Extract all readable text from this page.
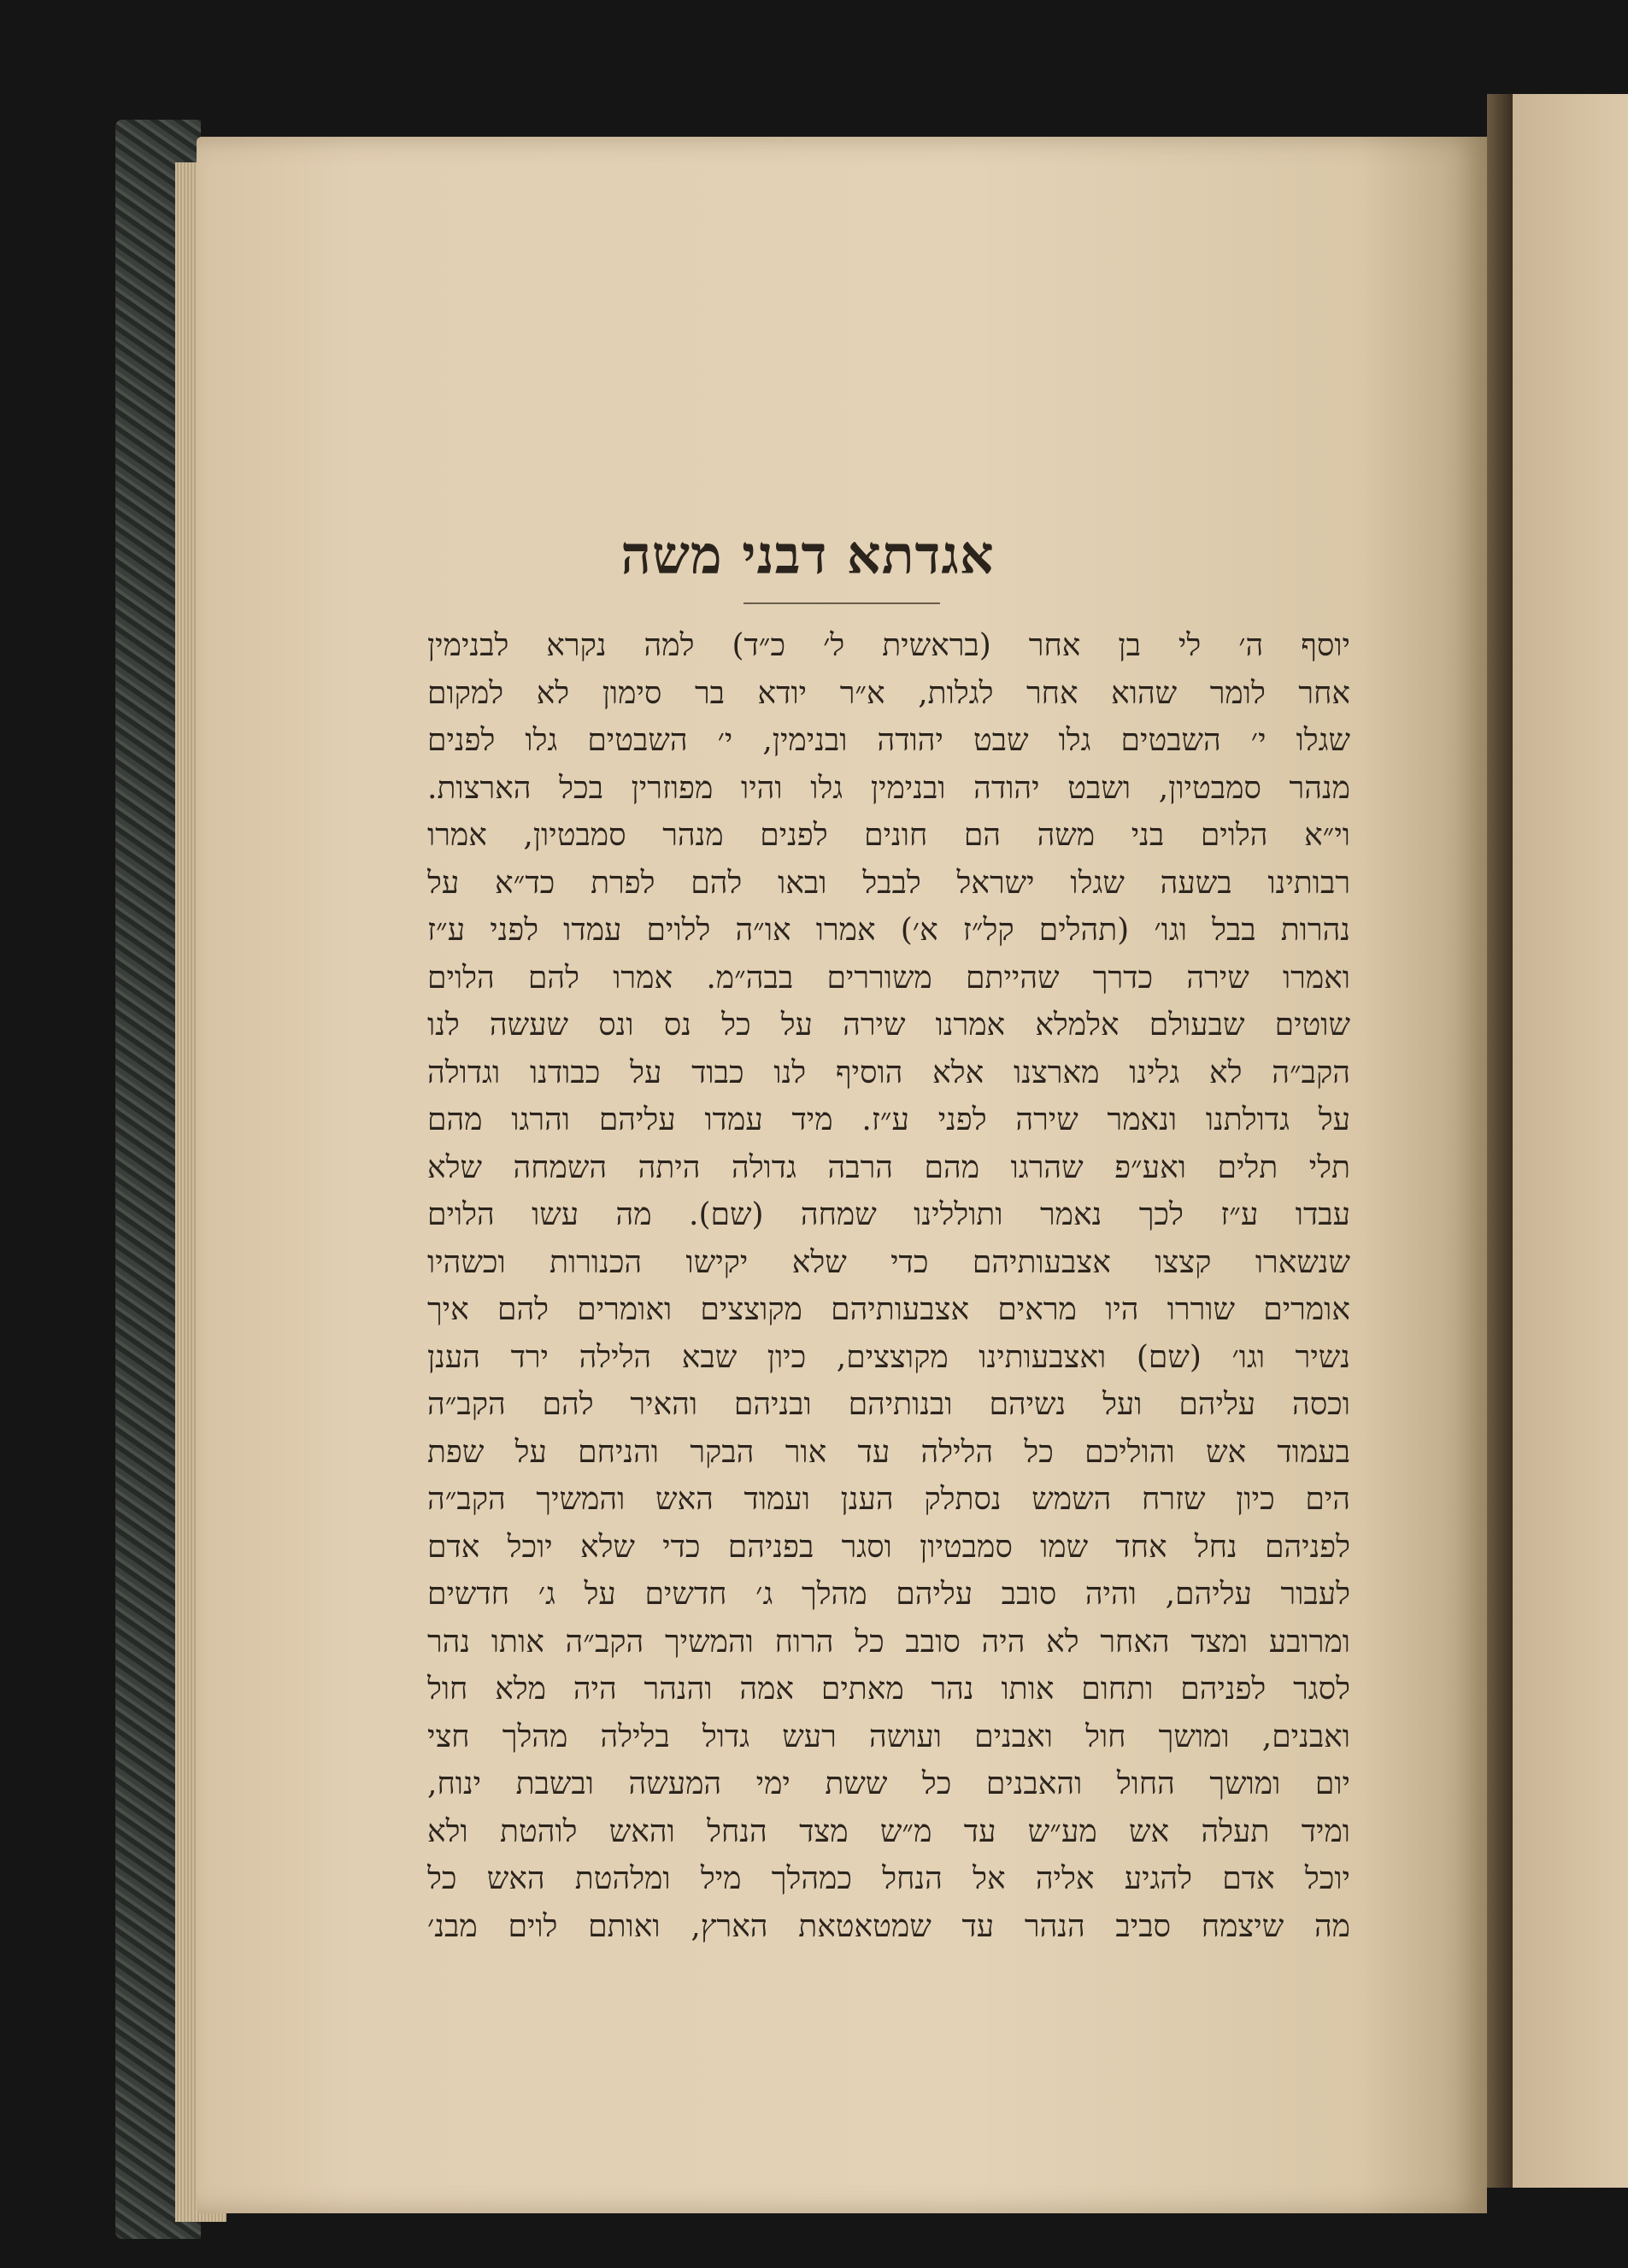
אגדתא דבני משה
יוסף ה׳ לי בן אחר (בראשית ל׳ כ״ד) למה נקרא לבנימין
אחר לומר שהוא אחר לגלות, א״ר יודא בר סימון לא למקום
שגלו י׳ השבטים גלו שבט יהודה ובנימין, י׳ השבטים גלו לפנים
מנהר סמבטיון, ושבט יהודה ובנימין גלו והיו מפוזרין בכל הארצות.
וי״א הלוים בני משה הם חונים לפנים מנהר סמבטיון, אמרו
רבותינו בשעה שגלו ישראל לבבל ובאו להם לפרת כד״א על
נהרות בבל וגו׳ (תהלים קל״ז א׳) אמרו או״ה ללוים עמדו לפני ע״ז
ואמרו שירה כדרך שהייתם משוררים בבה״מ. אמרו להם הלוים
שוטים שבעולם אלמלא אמרנו שירה על כל נס ונס שעשה לנו
הקב״ה לא גלינו מארצנו אלא הוסיף לנו כבוד על כבודנו וגדולה
על גדולתנו ונאמר שירה לפני ע״ז. מיד עמדו עליהם והרגו מהם
תלי תלים ואע״פ שהרגו מהם הרבה גדולה היתה השמחה שלא
עבדו ע״ז לכך נאמר ותוללינו שמחה (שם). מה עשו הלוים
שנשארו קצצו אצבעותיהם כדי שלא יקישו הכנורות וכשהיו
אומרים שוררו היו מראים אצבעותיהם מקוצצים ואומרים להם איך
נשיר וגו׳ (שם) ואצבעותינו מקוצצים, כיון שבא הלילה ירד הענן
וכסה עליהם ועל נשיהם ובנותיהם ובניהם והאיר להם הקב״ה
בעמוד אש והוליכם כל הלילה עד אור הבקר והניחם על שפת
הים כיון שזרח השמש נסתלק הענן ועמוד האש והמשיך הקב״ה
לפניהם נחל אחד שמו סמבטיון וסגר בפניהם כדי שלא יוכל אדם
לעבור עליהם, והיה סובב עליהם מהלך ג׳ חדשים על ג׳ חדשים
ומרובע ומצד האחר לא היה סובב כל הרוח והמשיך הקב״ה אותו נהר
לסגר לפניהם ותחום אותו נהר מאתים אמה והנהר היה מלא חול
ואבנים, ומושך חול ואבנים ועושה רעש גדול בלילה מהלך חצי
יום ומושך החול והאבנים כל ששת ימי המעשה ובשבת ינוח,
ומיד תעלה אש מע״ש עד מ״ש מצד הנחל והאש לוהטת ולא
יוכל אדם להגיע אליה אל הנחל כמהלך מיל ומלהטת האש כל
מה שיצמח סביב הנהר עד שמטאטאת הארץ, ואותם לוים מבנ׳
